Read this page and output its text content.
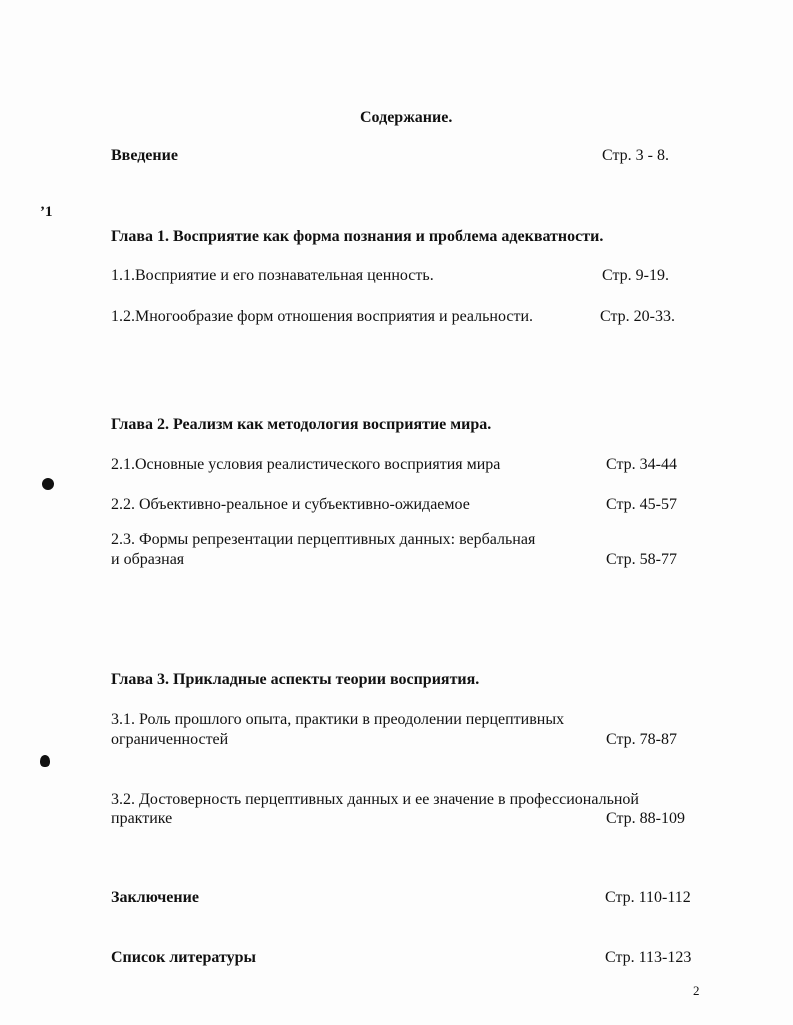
Содержание.
Введение	Стр. 3 - 8.
’1
Глава 1. Восприятие как форма познания и проблема адекватности.
1.1.Восприятие и его познавательная ценность.	Стр. 9-19.
1.2.Многообразие форм отношения восприятия и реальности.	Стр. 20-33.
Глава 2. Реализм как методология восприятие мира.
2.1.Основные условия реалистического восприятия мира	Стр. 34-44
2.2. Объективно-реальное и субъективно-ожидаемое	Стр. 45-57
2.3. Формы репрезентации перцептивных данных: вербальная
и образная	Стр. 58-77
Глава 3. Прикладные аспекты теории восприятия.
3.1. Роль прошлого опыта, практики в преодолении перцептивных
ограниченностей	Стр. 78-87
3.2. Достоверность перцептивных данных и ее значение в профессиональной
практике	Стр. 88-109
Заключение	Стр. 110-112
Список литературы	Стр. 113-123
2
